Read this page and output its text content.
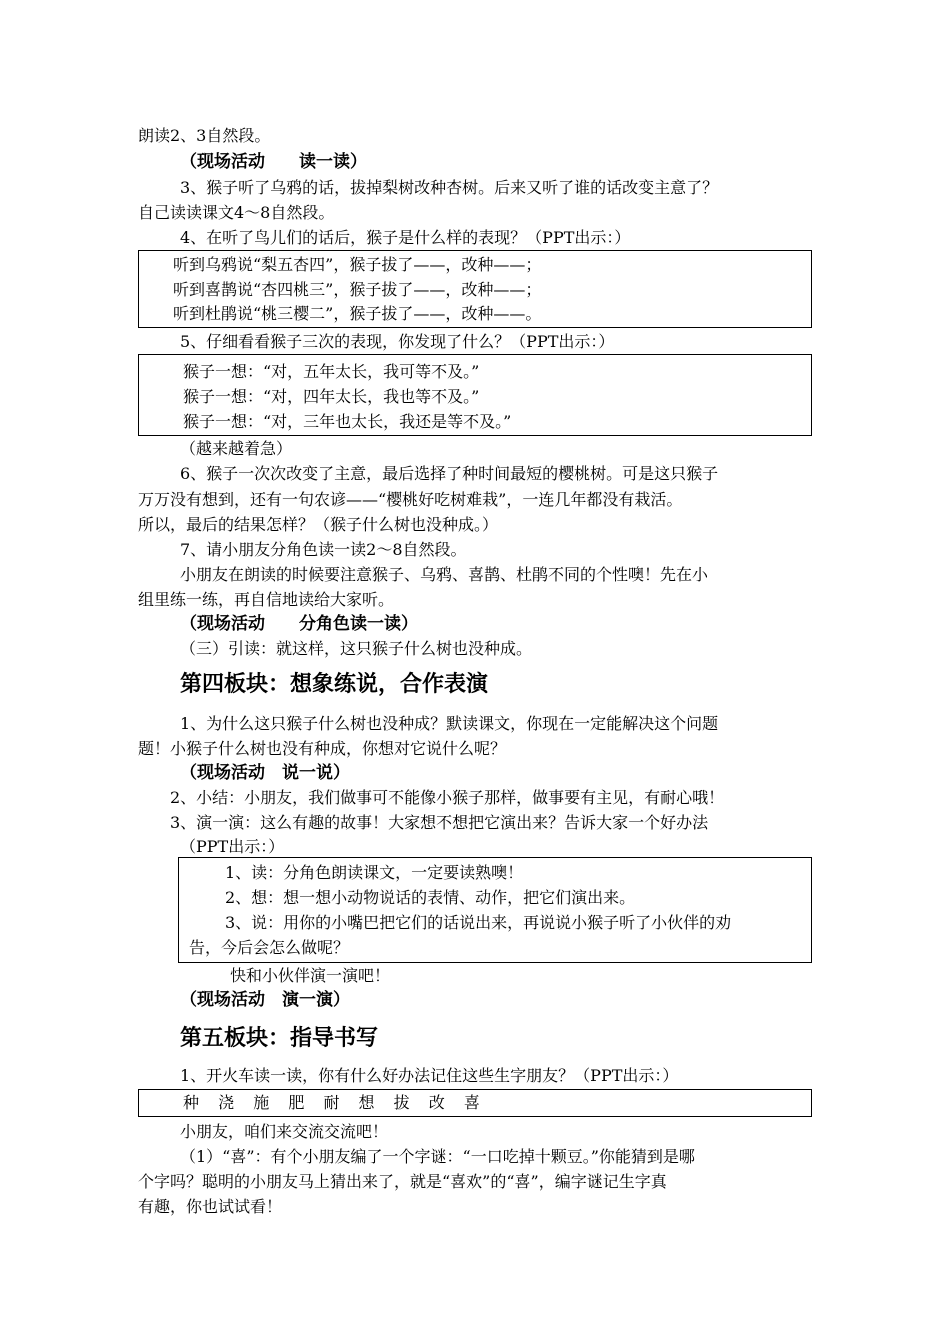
朗读2、3自然段。
（现场活动　　读一读）
3、猴子听了乌鸦的话，拔掉梨树改种杏树。后来又听了谁的话改变主意了？
自己读读课文4～8自然段。
4、在听了鸟儿们的话后，猴子是什么样的表现？（PPT出示：）
听到乌鸦说“梨五杏四”，猴子拔了——，改种——；
听到喜鹊说“杏四桃三”，猴子拔了——，改种——；
听到杜鹃说“桃三樱二”，猴子拔了——，改种——。
5、仔细看看猴子三次的表现，你发现了什么？（PPT出示：）
猴子一想：“对，五年太长，我可等不及。”
猴子一想：“对，四年太长，我也等不及。”
猴子一想：“对，三年也太长，我还是等不及。”
（越来越着急）
6、猴子一次次改变了主意，最后选择了种时间最短的樱桃树。可是这只猴子
万万没有想到，还有一句农谚——“樱桃好吃树难栽”，一连几年都没有栽活。
所以，最后的结果怎样？（猴子什么树也没种成。）
7、请小朋友分角色读一读2～8自然段。
小朋友在朗读的时候要注意猴子、乌鸦、喜鹊、杜鹃不同的个性噢！先在小
组里练一练，再自信地读给大家听。
（现场活动　　分角色读一读）
（三）引读：就这样，这只猴子什么树也没种成。
第四板块：想象练说，合作表演
1、为什么这只猴子什么树也没种成？默读课文，你现在一定能解决这个问题
题！小猴子什么树也没有种成，你想对它说什么呢？
（现场活动　说一说）
2、小结：小朋友，我们做事可不能像小猴子那样，做事要有主见，有耐心哦！
3、演一演：这么有趣的故事！大家想不想把它演出来？告诉大家一个好办法
（PPT出示：）
1、读：分角色朗读课文，一定要读熟噢！
2、想：想一想小动物说话的表情、动作，把它们演出来。
3、说：用你的小嘴巴把它们的话说出来，再说说小猴子听了小伙伴的劝
告，今后会怎么做呢？
快和小伙伴演一演吧！
（现场活动　演一演）
第五板块：指导书写
1、开火车读一读，你有什么好办法记住这些生字朋友？（PPT出示：）
种 浇 施 肥 耐 想 拔 改 喜
小朋友，咱们来交流交流吧！
（1）“喜”：有个小朋友编了一个字谜：“一口吃掉十颗豆。”你能猜到是哪
个字吗？聪明的小朋友马上猜出来了，就是“喜欢”的“喜”，编字谜记生字真
有趣，你也试试看！
